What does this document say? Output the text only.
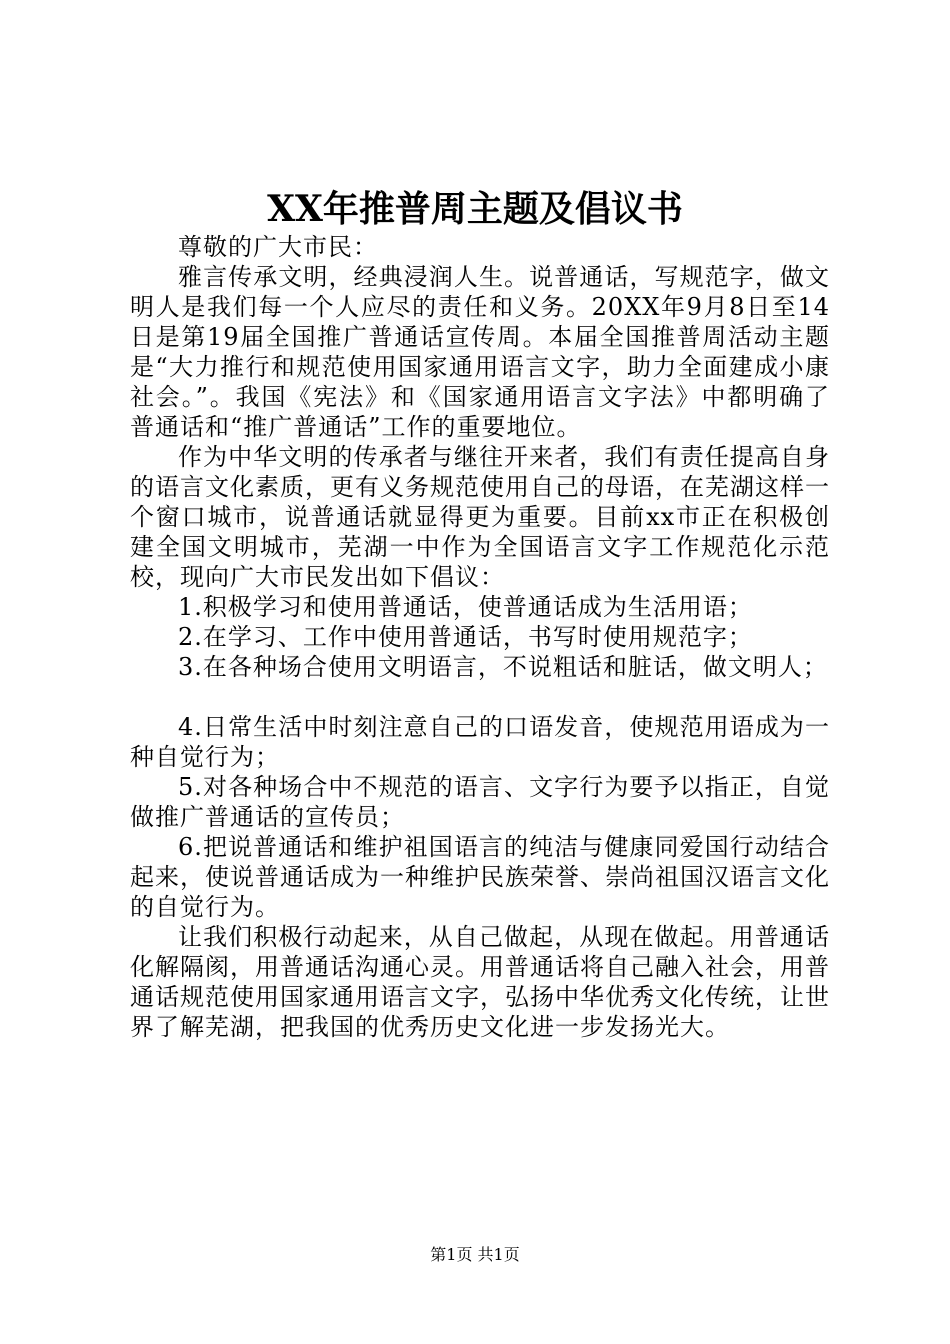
XX年推普周主题及倡议书

尊敬的广大市民：

雅言传承文明，经典浸润人生。说普通话，写规范字，做文明人是我们每一个人应尽的责任和义务。20XX年9月8日至14日是第19届全国推广普通话宣传周。本届全国推普周活动主题是“大力推行和规范使用国家通用语言文字，助力全面建成小康社会。”。我国《宪法》和《国家通用语言文字法》中都明确了普通话和“推广普通话”工作的重要地位。

作为中华文明的传承者与继往开来者，我们有责任提高自身的语言文化素质，更有义务规范使用自己的母语，在芜湖这样一个窗口城市，说普通话就显得更为重要。目前xx市正在积极创建全国文明城市，芜湖一中作为全国语言文字工作规范化示范校，现向广大市民发出如下倡议：

1.积极学习和使用普通话，使普通话成为生活用语；

2.在学习、工作中使用普通话，书写时使用规范字；

3.在各种场合使用文明语言，不说粗话和脏话，做文明人；

4.日常生活中时刻注意自己的口语发音，使规范用语成为一种自觉行为；

5.对各种场合中不规范的语言、文字行为要予以指正，自觉做推广普通话的宣传员；

6.把说普通话和维护祖国语言的纯洁与健康同爱国行动结合起来，使说普通话成为一种维护民族荣誉、崇尚祖国汉语言文化的自觉行为。

让我们积极行动起来，从自己做起，从现在做起。用普通话化解隔阂，用普通话沟通心灵。用普通话将自己融入社会，用普通话规范使用国家通用语言文字，弘扬中华优秀文化传统，让世界了解芜湖，把我国的优秀历史文化进一步发扬光大。

第1页 共1页
